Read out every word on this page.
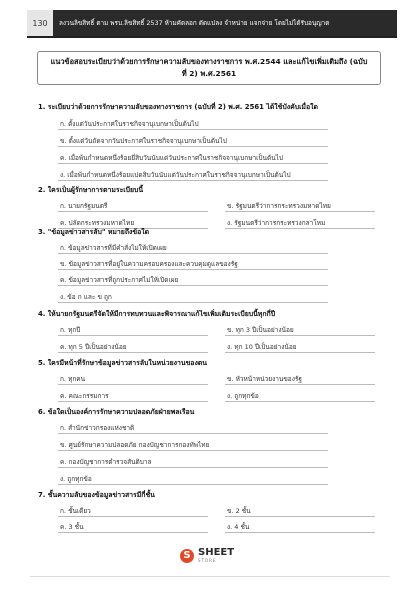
130	ลงวนลิขสิทธิ์ ตาม พรบ.ลิขสิทธิ์ 2537 ห้ามคัดลอก ดัดแปลง จำหน่าย แจกจ่าย โดยไม่ได้รับอนุญาต
แนวข้อสอบระเบียบว่าด้วยการรักษาความลับของทางราชการ พ.ศ.2544 และแก้ไขเพิ่มเติมถึง (ฉบับที่ 2) พ.ศ.2561
1. ระเบียบว่าด้วยการรักษาความลับของทางราชการ (ฉบับที่ 2) พ.ศ. 2561 ได้ใช้บังคับเมื่อใด
ก. ตั้งแต่วันประกาศในราชกิจจานุเบกษาเป็นต้นไป
ข. ตั้งแต่วันถัดจากวันประกาศในราชกิจจานุเบกษาเป็นต้นไป
ค. เมื่อพ้นกำหนดหนึ่งร้อยยี่สิบวันนับแต่วันประกาศในราชกิจจานุเบกษาเป็นต้นไป
ง. เมื่อพ้นกำหนดหนึ่งร้อยแปดสิบวันนับแต่วันประกาศในราชกิจจานุเบกษาเป็นต้นไป
2. ใครเป็นผู้รักษาการตามระเบียบนี้
ก. นายกรัฐมนตรี	ข. รัฐมนตรีว่าการกระทรวงมหาดไทย
ค. ปลัดกระทรวงมหาดไทย	ง. รัฐมนตรีว่าการกระทรวงกลาโหม
3. "ข้อมูลข่าวสารลับ" หมายถึงข้อใด
ก. ข้อมูลข่าวสารที่มีคำสั่งไม่ให้เปิดเผย
ข. ข้อมูลข่าวสารที่อยู่ในความครอบครองและควบคุมดูแลของรัฐ
ค. ข้อมูลข่าวสารที่ถูกประกาศไม่ให้เปิดเผย
ง. ข้อ ก และ ข ถูก
4. ให้นายกรัฐมนตรีจัดให้มีการทบทวนและพิจารณาแก้ไขเพิ่มเติมระเบียบนี้ทุกกี่ปี
ก. ทุกปี	ข. ทุก 3 ปีเป็นอย่างน้อย
ค. ทุก 5 ปีเป็นอย่างน้อย	ง. ทุก 10 ปีเป็นอย่างน้อย
5. ใครมีหน้าที่รักษาข้อมูลข่าวสารลับในหน่วยงานของตน
ก. ทุกคน	ข. หัวหน้าหน่วยงานของรัฐ
ค. คณะกรรมการ	ง. ถูกทุกข้อ
6. ข้อใดเป็นองค์การรักษาความปลอดภัยฝ่ายพลเรือน
ก. สำนักข่าวกรองแห่งชาติ
ข. ศูนย์รักษาความปลอดภัย กองบัญชาการกองทัพไทย
ค. กองบัญชาการตำรวจสันติบาล
ง. ถูกทุกข้อ
7. ชั้นความลับของข้อมูลข่าวสารมีกี่ชั้น
ก. ชั้นเดียว	ข. 2 ชั้น
ค. 3 ชั้น	ง. 4 ชั้น
S SHEET
STORE
